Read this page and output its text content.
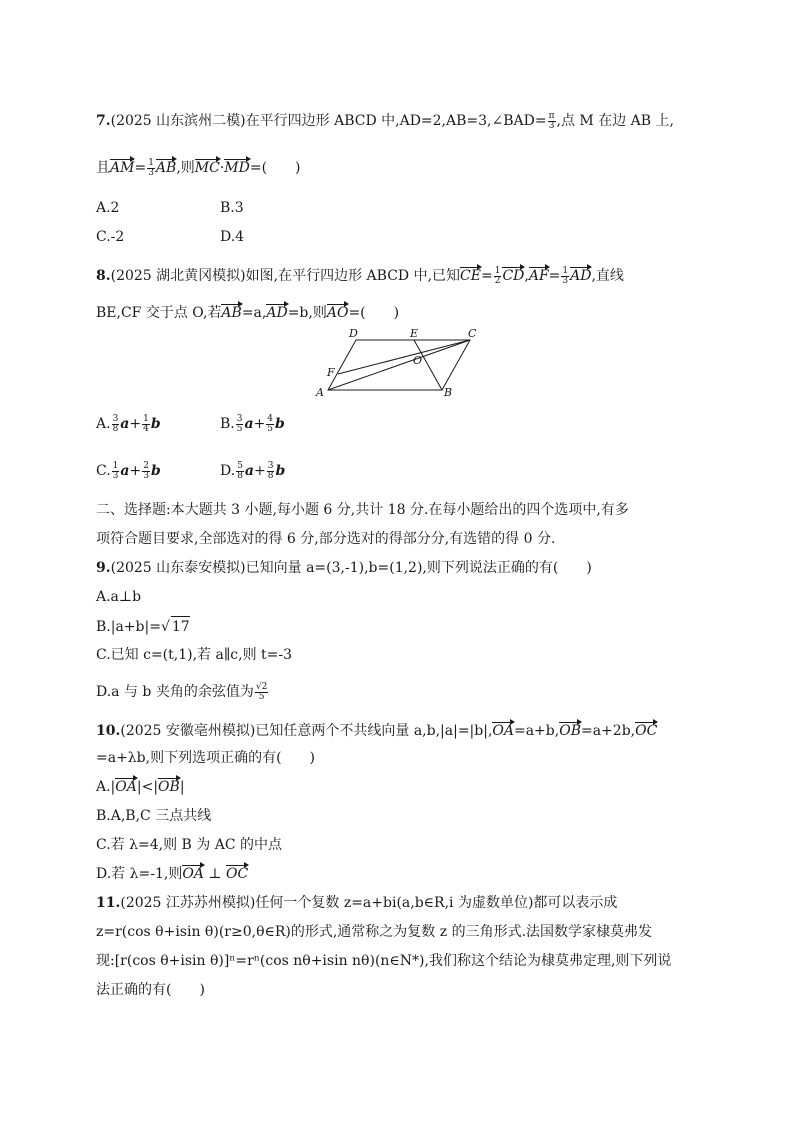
7.(2025 山东滨州二模)在平行四边形 ABCD 中,AD=2,AB=3,∠BAD= $\frac{\pi}{3}$ ,点 M 在边 AB 上,
且$AM= \frac{1}{3}$ AB,则MC·MD=(　　)
A.2	B.3
C.-2	D.4
8.(2025 湖北黄冈模拟)如图,在平行四边形 ABCD 中,已知$CE= \frac{1}{2} CD,AF= \frac{1}{3}$ AD,直线
BE,CF 交于点 O,若AB=a,AD=b,则AO=(　　)
A	B
C
D	E
F
O
A. $\frac{3}{8} a+ \frac{1}{4}$ b	B. $\frac{3}{5} a+ \frac{4}{5}$ b
C. $\frac{1}{3} a+ \frac{2}{3}$ b	D. $\frac{5}{8} a+ \frac{3}{8}$ b
二、选择题:本大题共 3 小题,每小题 6 分,共计 18 分.在每小题给出的四个选项中,有多
项符合题目要求,全部选对的得 6 分,部分选对的得部分分,有选错的得 0 分.
9.(2025 山东泰安模拟)已知向量 a=(3,-1),b=(1,2),则下列说法正确的有(　　)
A.a⊥b
B.|a+b|=√ 17
C.已知 c=(t,1),若 a∥c,则 t=-3
D.a 与 b 夹角的余弦值为 $\frac{√2}{5}$
10.(2025 安徽亳州模拟)已知任意两个不共线向量 a,b,|a|=|b|,OA=a+b,OB=a+2b,OC
=a+λb,则下列选项正确的有(　　)
A.|OA|<|OB|
B.A,B,C 三点共线
C.若 λ=4,则 B 为 AC 的中点
D.若 λ=-1,则OA ⊥ OC
11.(2025 江苏苏州模拟)任何一个复数 z=a+bi(a,b∈R,i 为虚数单位)都可以表示成
z=r(cos θ+isin θ)(r≥0,θ∈R)的形式,通常称之为复数 z 的三角形式.法国数学家棣莫弗发
现:[r(cos θ+isin θ)]ⁿ=rⁿ(cos nθ+isin nθ)(n∈N*),我们称这个结论为棣莫弗定理,则下列说
法正确的有(　　)
